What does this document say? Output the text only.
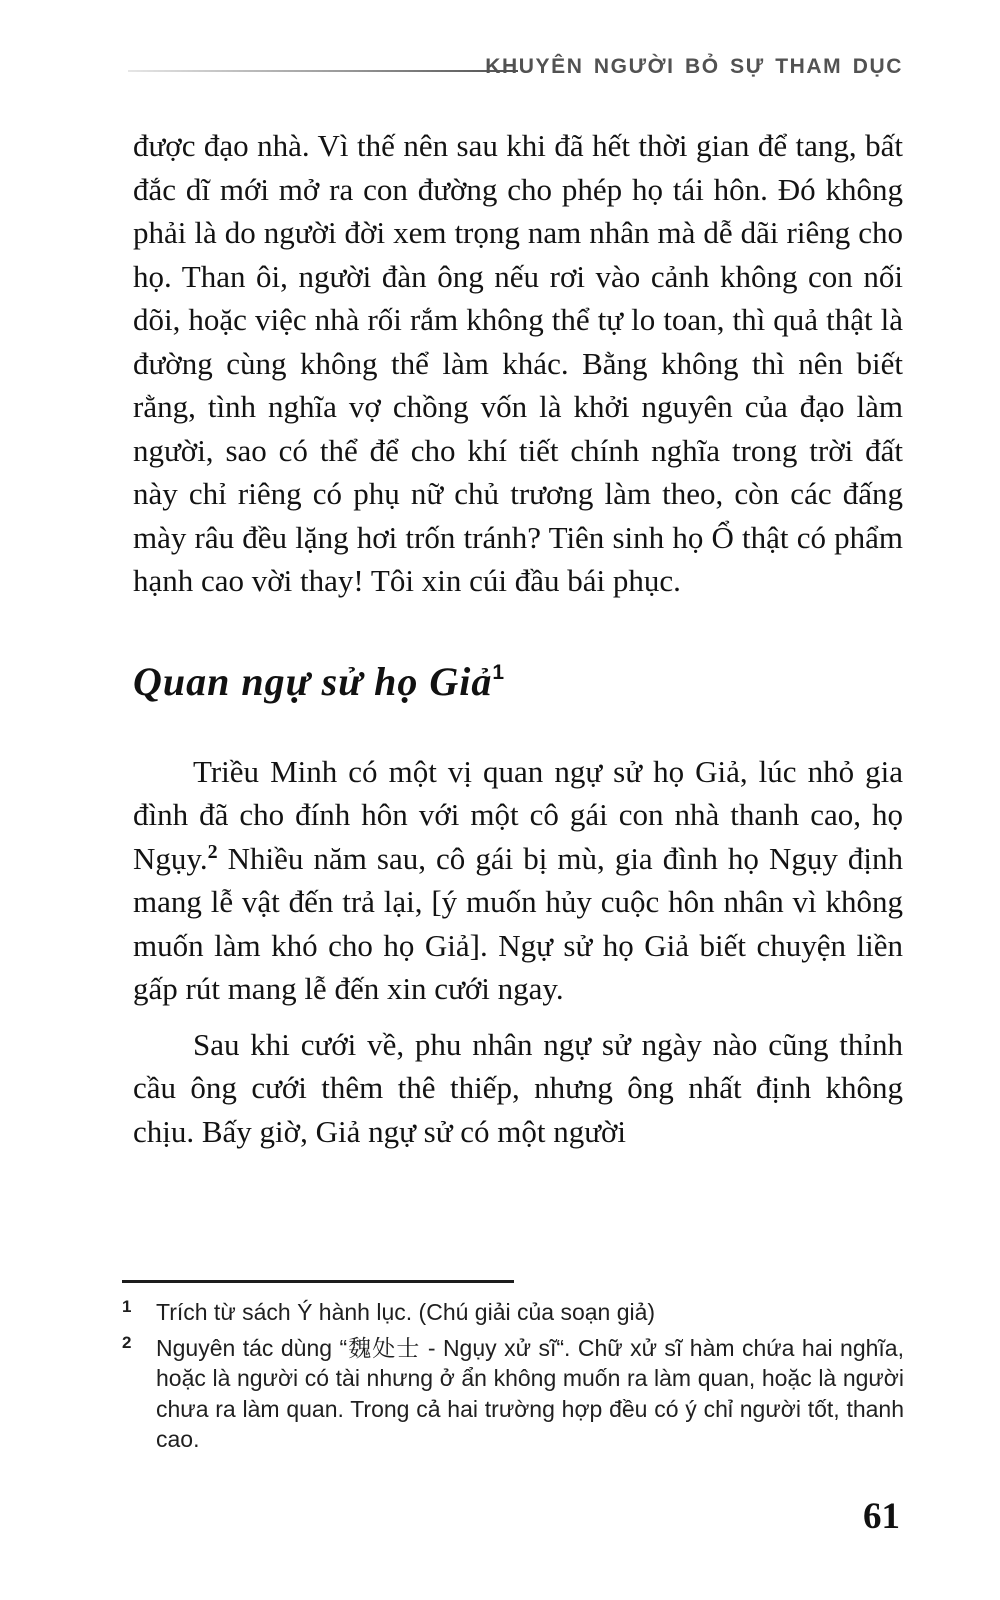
KHUYÊN NGƯỜI BỎ SỰ THAM DỤC

được đạo nhà. Vì thế nên sau khi đã hết thời gian để tang, bất đắc dĩ mới mở ra con đường cho phép họ tái hôn. Đó không phải là do người đời xem trọng nam nhân mà dễ dãi riêng cho họ. Than ôi, người đàn ông nếu rơi vào cảnh không con nối dõi, hoặc việc nhà rối rắm không thể tự lo toan, thì quả thật là đường cùng không thể làm khác. Bằng không thì nên biết rằng, tình nghĩa vợ chồng vốn là khởi nguyên của đạo làm người, sao có thể để cho khí tiết chính nghĩa trong trời đất này chỉ riêng có phụ nữ chủ trương làm theo, còn các đấng mày râu đều lặng hơi trốn tránh? Tiên sinh họ Ổ thật có phẩm hạnh cao vời thay! Tôi xin cúi đầu bái phục.

Quan ngự sử họ Giả$^1$

Triều Minh có một vị quan ngự sử họ Giả, lúc nhỏ gia đình đã cho đính hôn với một cô gái con nhà thanh cao, họ Ngụy.$^2$ Nhiều năm sau, cô gái bị mù, gia đình họ Ngụy định mang lễ vật đến trả lại, [ý muốn hủy cuộc hôn nhân vì không muốn làm khó cho họ Giả]. Ngự sử họ Giả biết chuyện liền gấp rút mang lễ đến xin cưới ngay.

Sau khi cưới về, phu nhân ngự sử ngày nào cũng thỉnh cầu ông cưới thêm thê thiếp, nhưng ông nhất định không chịu. Bấy giờ, Giả ngự sử có một người

1 Trích từ sách Ý hành lục. (Chú giải của soạn giả)
2 Nguyên tác dùng “魏处士 - Ngụy xử sĩ“. Chữ xử sĩ hàm chứa hai nghĩa, hoặc là người có tài nhưng ở ẩn không muốn ra làm quan, hoặc là người chưa ra làm quan. Trong cả hai trường hợp đều có ý chỉ người tốt, thanh cao.
61
